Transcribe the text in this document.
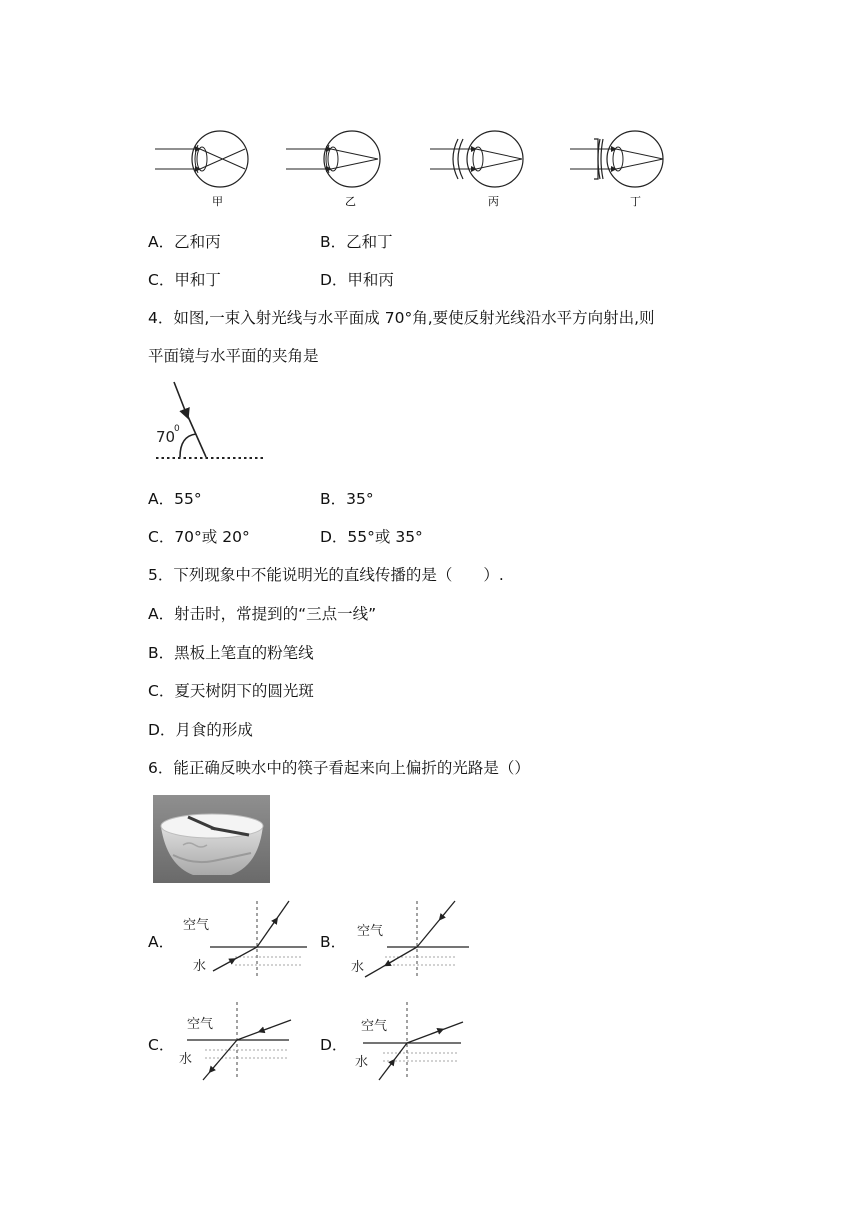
甲	乙	丙	丁
A．乙和丙	B．乙和丁
C．甲和丁	D．甲和丙
4．如图,一束入射光线与水平面成 70°角,要使反射光线沿水平方向射出,则
平面镜与水平面的夹角是
70
0
A．55°	B．35°
C．70°或 20°	D．55°或 35°
5．下列现象中不能说明光的直线传播的是（　　）.
A．射击时，常提到的“三点一线”
B．黑板上笔直的粉笔线
C．夏天树阴下的圆光斑
D．月食的形成
6．能正确反映水中的筷子看起来向上偏折的光路是（）
A．
空气
水
B．
空气
水
C．
空气
水
D．
空气
水
